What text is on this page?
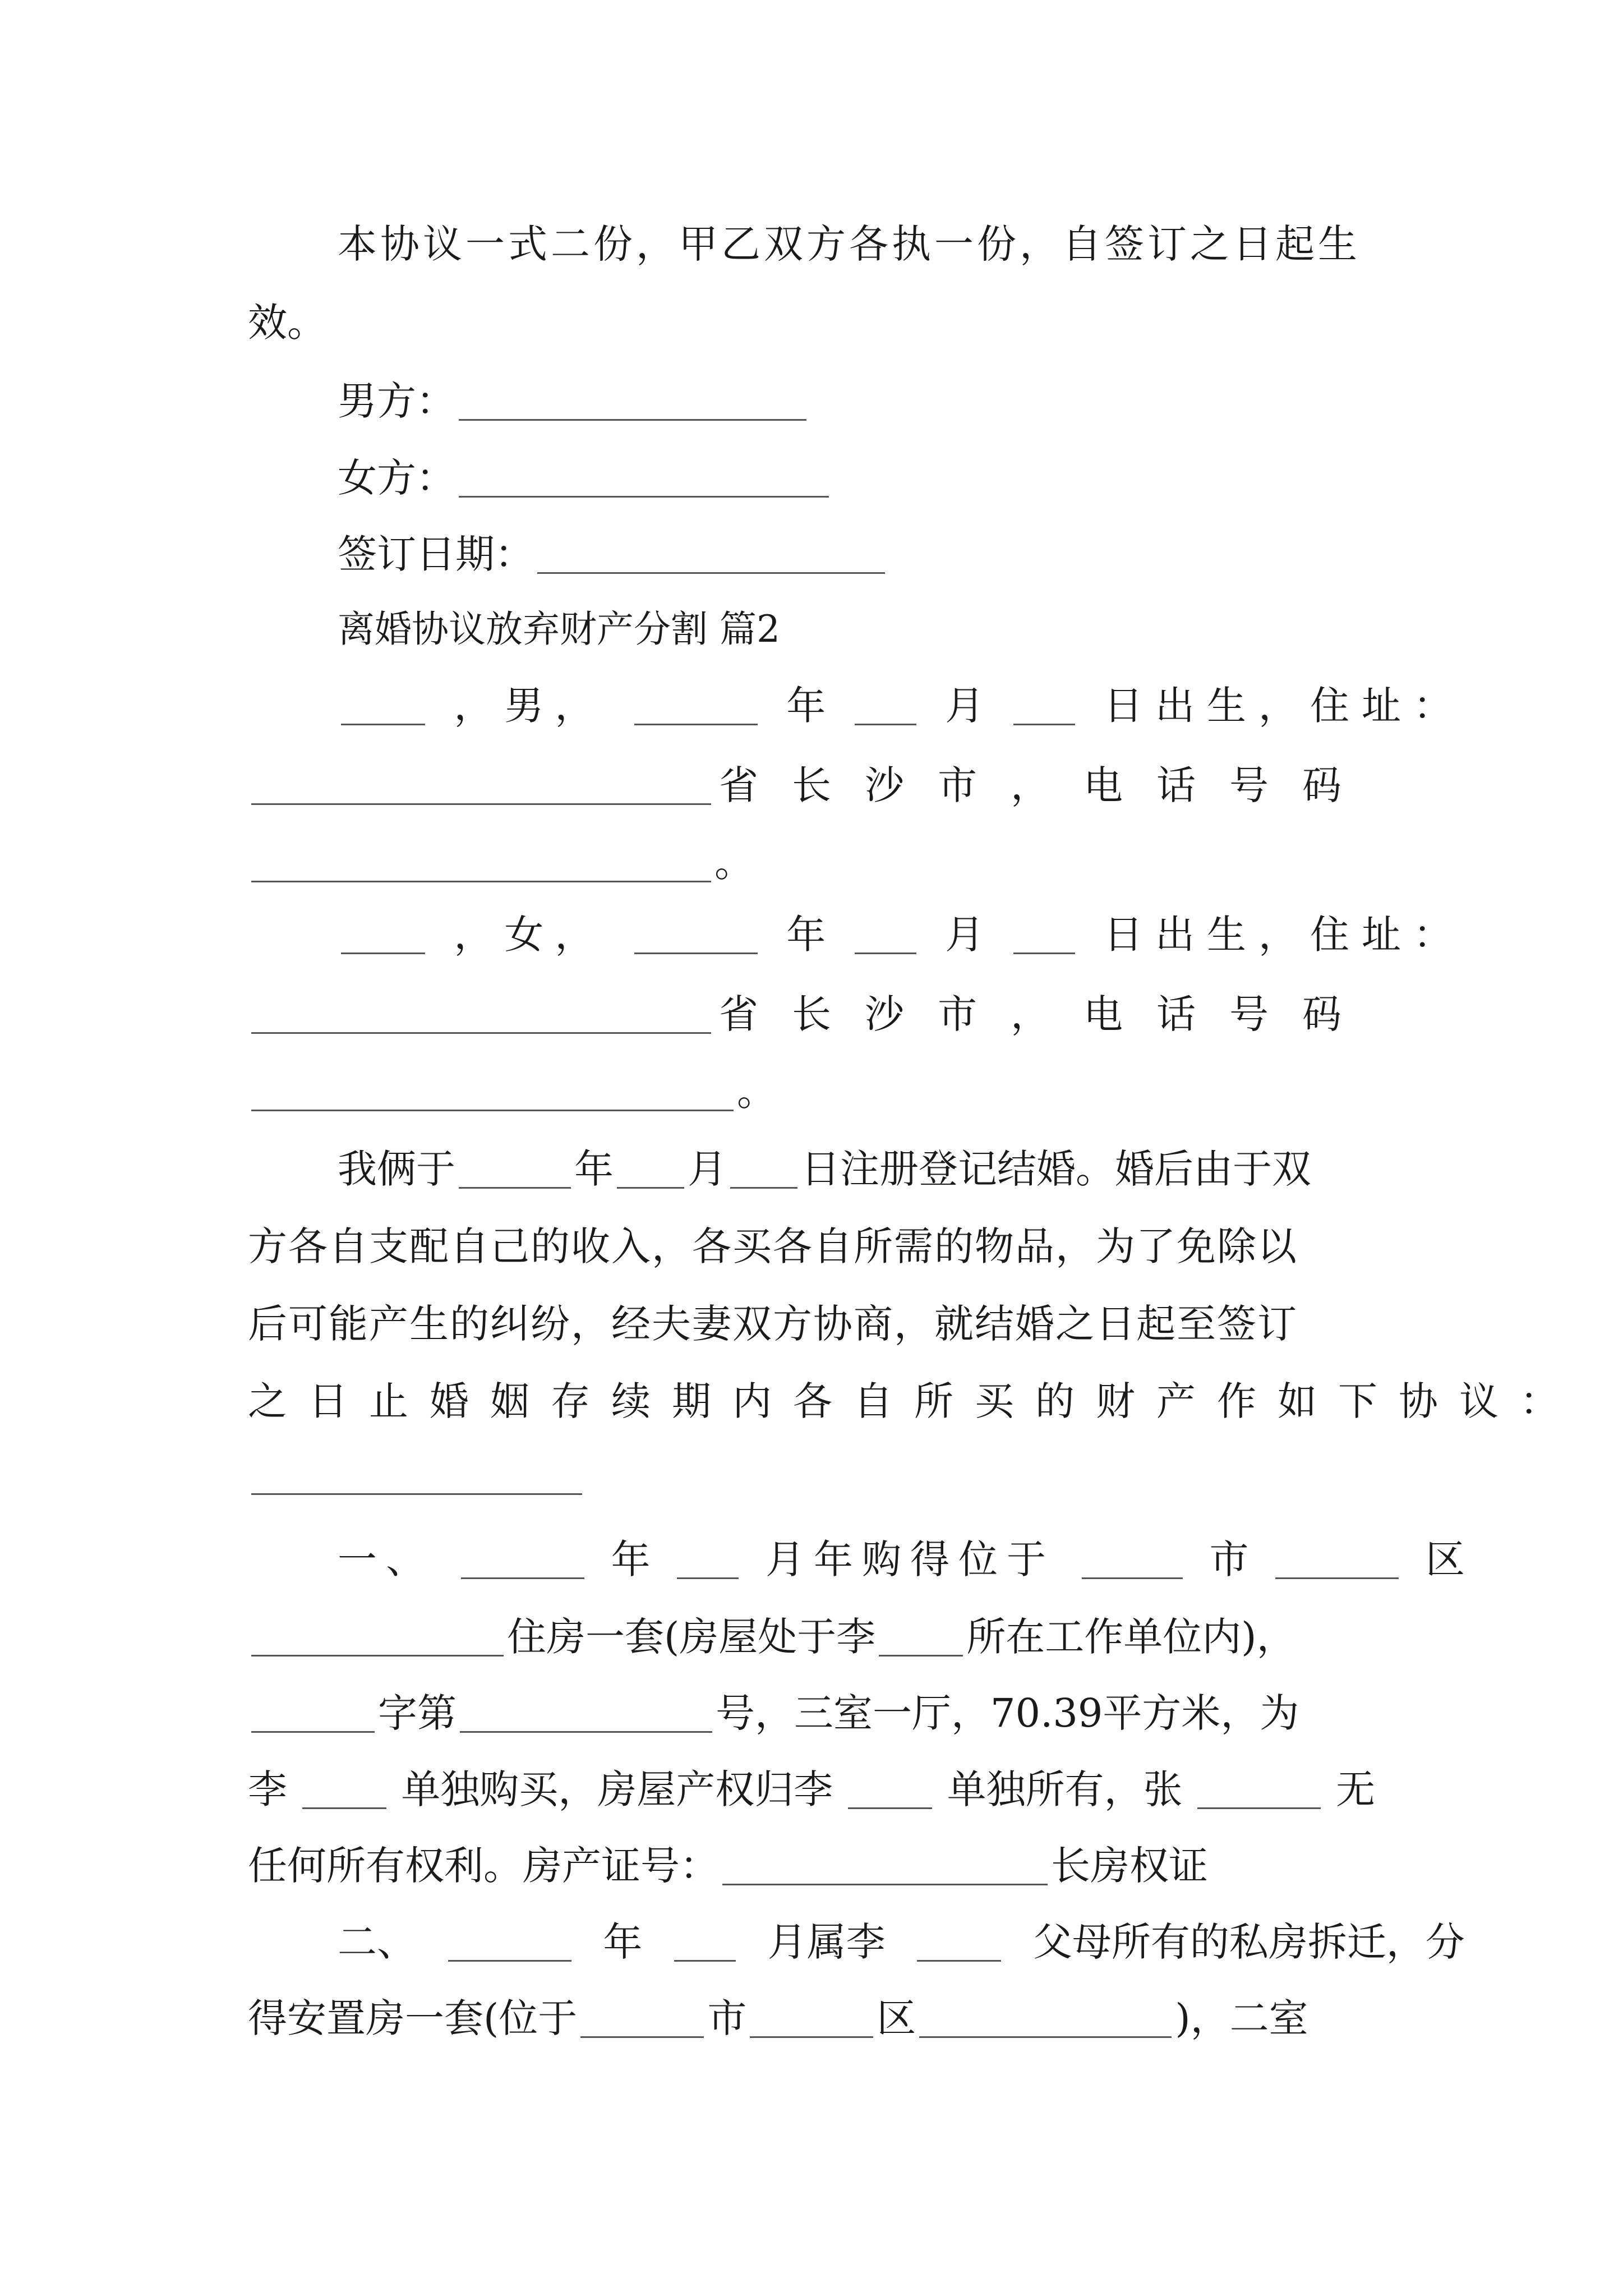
本协议一式二份，甲乙双方各执一份，自签订之日起生
效。
男方：
女方：
签订日期：
离婚协议放弃财产分割 篇2
，男，	年	月	日出生，住址：
省长沙市，电话号码
。
，女，	年	月	日出生，住址：
省长沙市，电话号码
。
我俩于	年 月 日注册登记结婚。婚后由于双
方各自支配自己的收入，各买各自所需的物品，为了免除以
后可能产生的纠纷，经夫妻双方协商，就结婚之日起至签订
之日止婚姻存续期内各自所买的财产作如下协议：
一、	年	月年购得位于	市	区
住房一套(房屋处于李 所在工作单位内)，
字第	号，三室一厅，70.39平方米，为
李	单独购买，房屋产权归李	单独所有，张	无
任何所有权利。房产证号：	长房权证
二、	年	月属李	父母所有的私房拆迁，分
得安置房一套(位于	市	区	)，二室
